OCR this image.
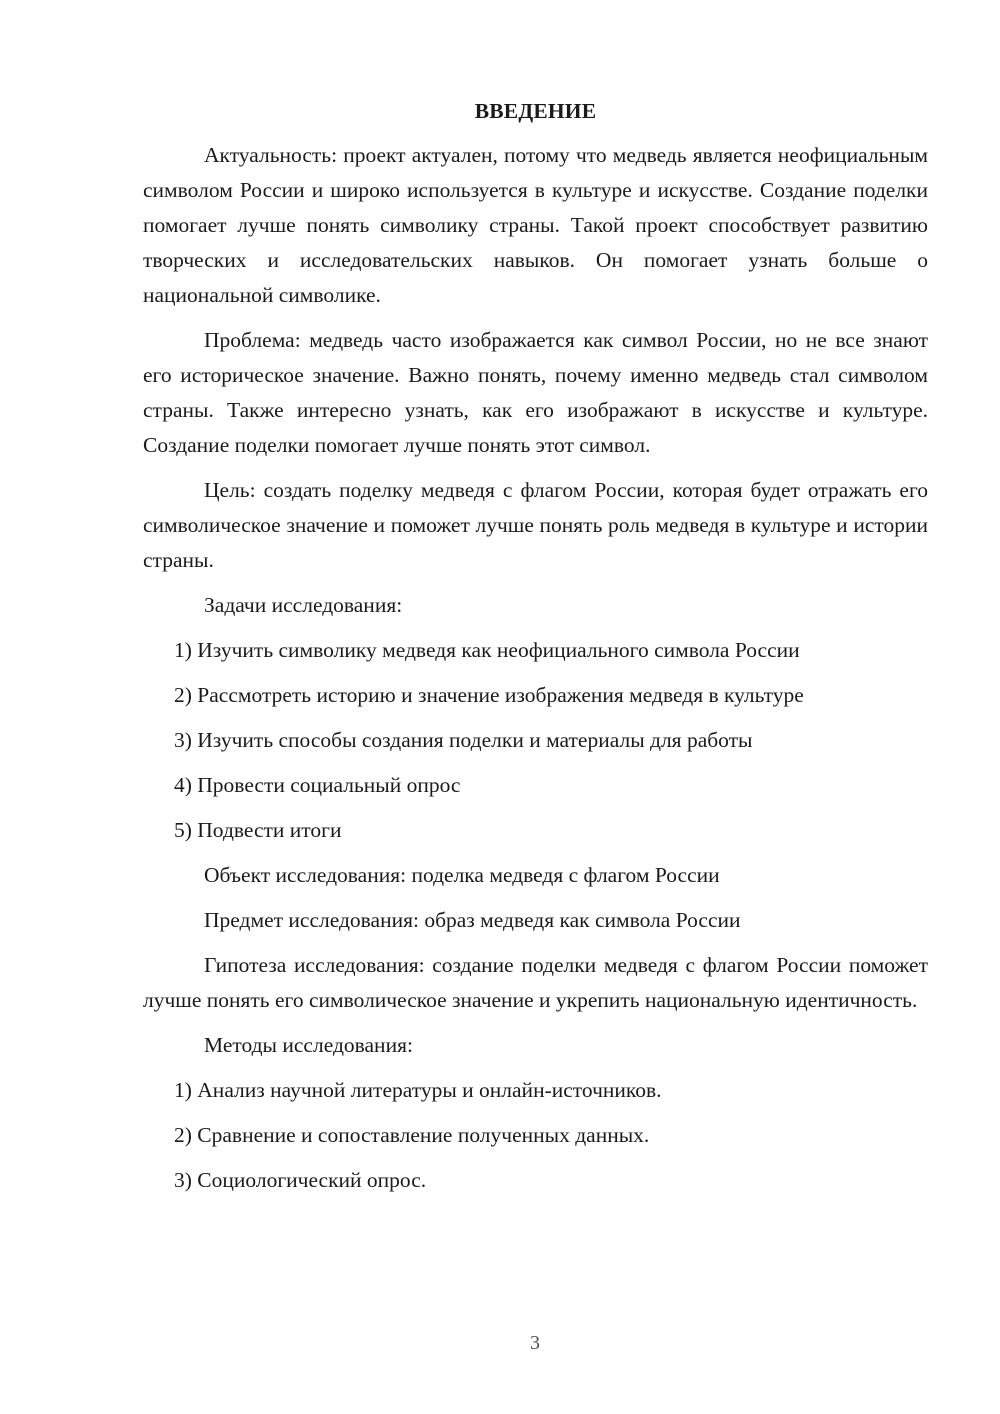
ВВЕДЕНИЕ

Актуальность: проект актуален, потому что медведь является неофициальным символом России и широко используется в культуре и искусстве. Создание поделки помогает лучше понять символику страны. Такой проект способствует развитию творческих и исследовательских навыков. Он помогает узнать больше о национальной символике.

Проблема: медведь часто изображается как символ России, но не все знают его историческое значение. Важно понять, почему именно медведь стал символом страны. Также интересно узнать, как его изображают в искусстве и культуре. Создание поделки помогает лучше понять этот символ.

Цель: создать поделку медведя с флагом России, которая будет отражать его символическое значение и поможет лучше понять роль медведя в культуре и истории страны.

Задачи исследования:
1) Изучить символику медведя как неофициального символа России
2) Рассмотреть историю и значение изображения медведя в культуре
3) Изучить способы создания поделки и материалы для работы
4) Провести социальный опрос
5) Подвести итоги
Объект исследования: поделка медведя с флагом России
Предмет исследования: образ медведя как символа России

Гипотеза исследования: создание поделки медведя с флагом России поможет лучше понять его символическое значение и укрепить национальную идентичность.

Методы исследования:
1) Анализ научной литературы и онлайн-источников.
2) Сравнение и сопоставление полученных данных.
3) Социологический опрос.
3
